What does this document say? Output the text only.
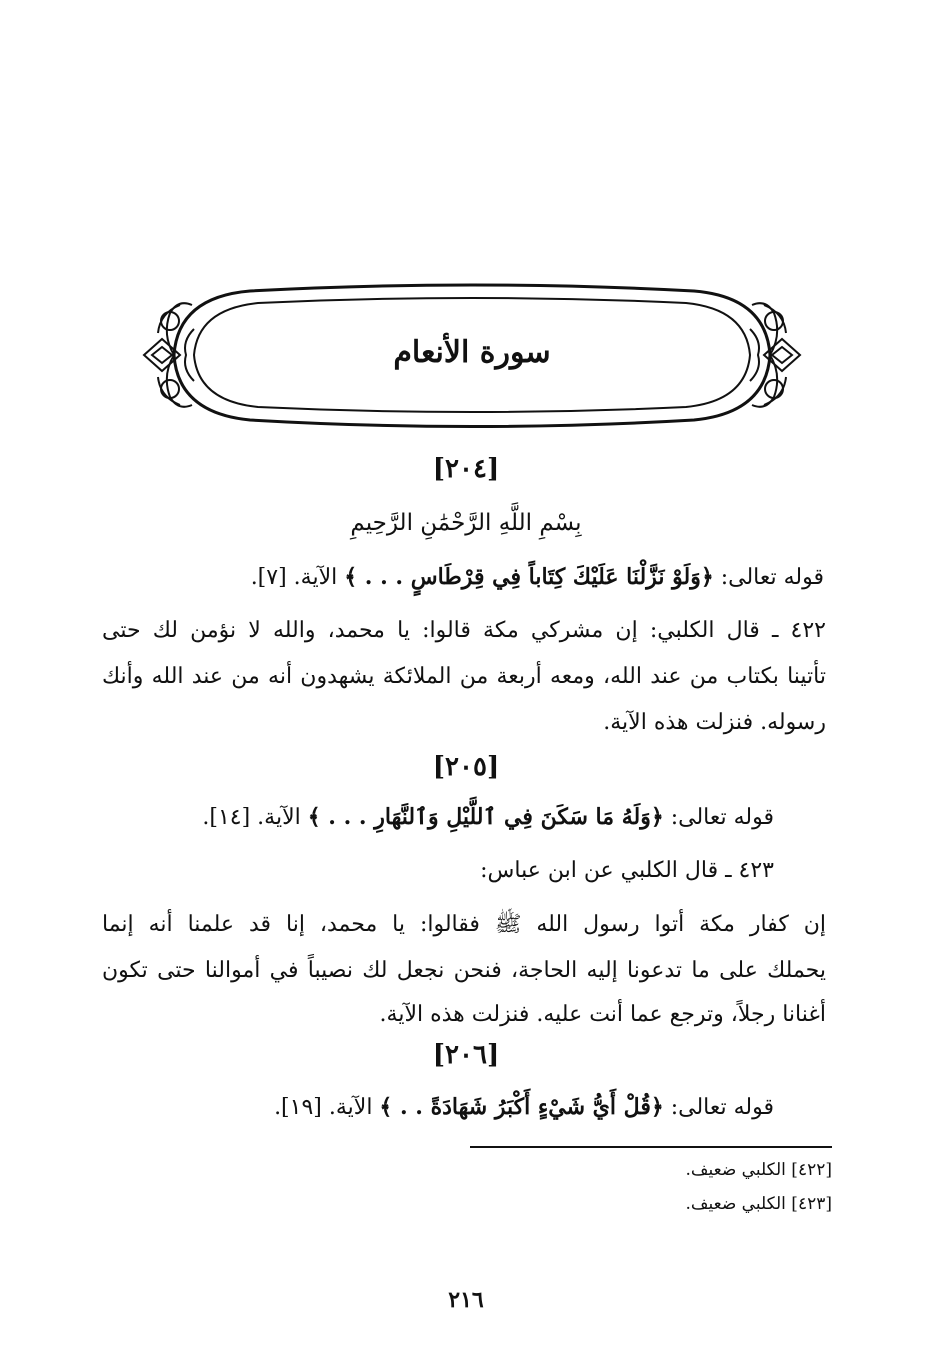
سورة الأنعام
[٢٠٤]
بِسْمِ اللَّهِ الرَّحْمَٰنِ الرَّحِيمِ
قوله تعالى: ﴿وَلَوْ نَزَّلْنَا عَلَيْكَ كِتَاباً فِي قِرْطَاسٍ . . . ﴾ الآية. [٧].
٤٢٢ ـ قال الكلبي: إن مشركي مكة قالوا: يا محمد، والله لا نؤمن لك حتى
تأتينا بكتاب من عند الله، ومعه أربعة من الملائكة يشهدون أنه من عند الله وأنك
رسوله. فنزلت هذه الآية.
[٢٠٥]
قوله تعالى: ﴿وَلَهُ مَا سَكَنَ فِي ٱللَّيْلِ وَٱلنَّهَارِ . . . ﴾ الآية. [١٤].
٤٢٣ ـ قال الكلبي عن ابن عباس:
إن كفار مكة أتوا رسول الله ﷺ فقالوا: يا محمد، إنا قد علمنا أنه إنما
يحملك على ما تدعونا إليه الحاجة، فنحن نجعل لك نصيباً في أموالنا حتى تكون
أغنانا رجلاً، وترجع عما أنت عليه. فنزلت هذه الآية.
[٢٠٦]
قوله تعالى: ﴿قُلْ أَيُّ شَيْءٍ أَكْبَرُ شَهَادَةً . . ﴾ الآية. [١٩].
[٤٢٢] الكلبي ضعيف.
[٤٢٣] الكلبي ضعيف.
٢١٦
